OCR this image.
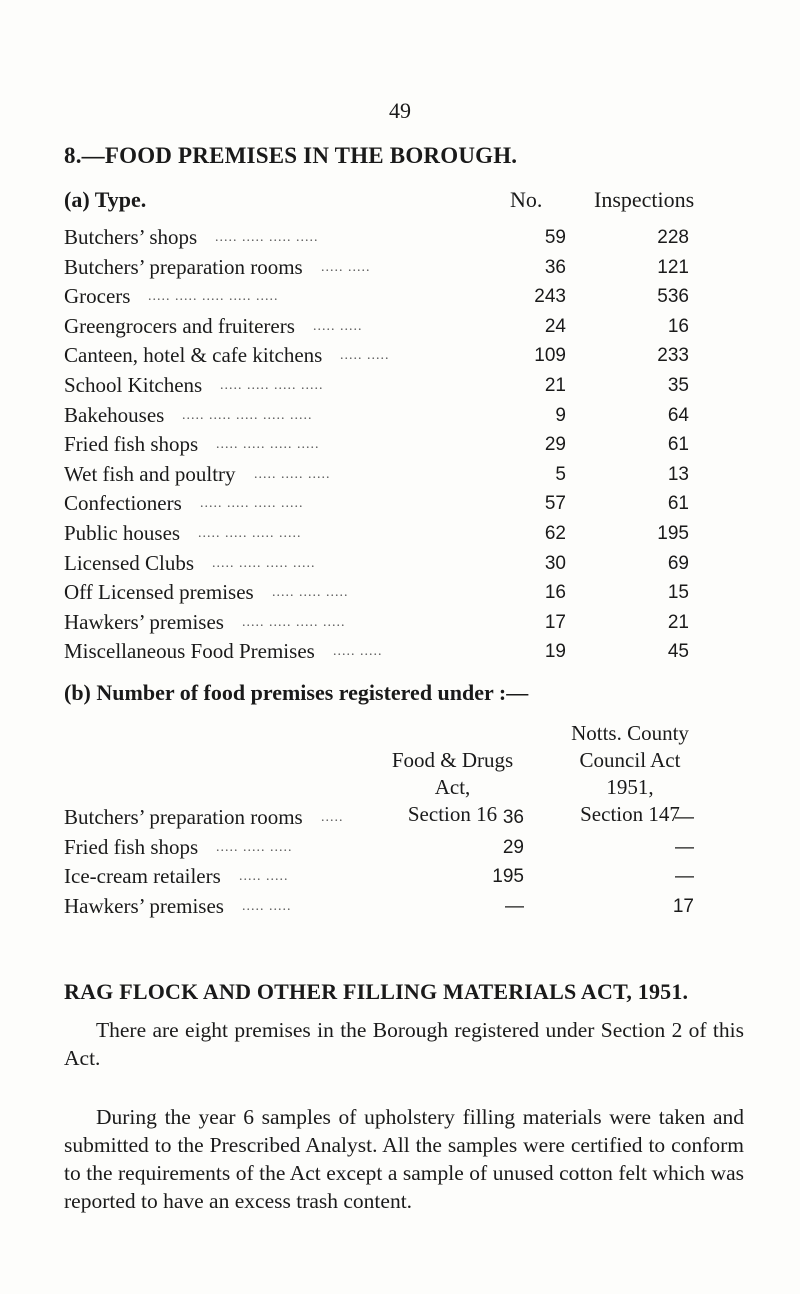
49
8.—FOOD PREMISES IN THE BOROUGH.
(a) Type.	No.	Inspections
Butchers’ shops ..... ..... ..... .....	59	228
Butchers’ preparation rooms ..... .....	36	121
Grocers ..... ..... ..... ..... .....	243	536
Greengrocers and fruiterers ..... .....	24	16
Canteen, hotel & cafe kitchens ..... .....	109	233
School Kitchens ..... ..... ..... .....	21	35
Bakehouses ..... ..... ..... ..... .....	9	64
Fried fish shops ..... ..... ..... .....	29	61
Wet fish and poultry ..... ..... .....	5	13
Confectioners ..... ..... ..... .....	57	61
Public houses ..... ..... ..... .....	62	195
Licensed Clubs ..... ..... ..... .....	30	69
Off Licensed premises ..... ..... .....	16	15
Hawkers’ premises ..... ..... ..... .....	17	21
Miscellaneous Food Premises ..... .....	19	45
(b) Number of food premises registered under :—
Food & Drugs
Act,
Section 16
Notts. County
Council Act
1951,
Section 147
Butchers’ preparation rooms .....	36	—
Fried fish shops ..... ..... .....	29	—
Ice-cream retailers ..... .....	195	—
Hawkers’ premises ..... .....	—	17
RAG FLOCK AND OTHER FILLING MATERIALS ACT, 1951.
There are eight premises in the Borough registered under Section 2 of this Act.
During the year 6 samples of upholstery filling materials were taken and submitted to the Prescribed Analyst. All the samples were certified to conform to the requirements of the Act except a sample of unused cotton felt which was reported to have an excess trash content.
